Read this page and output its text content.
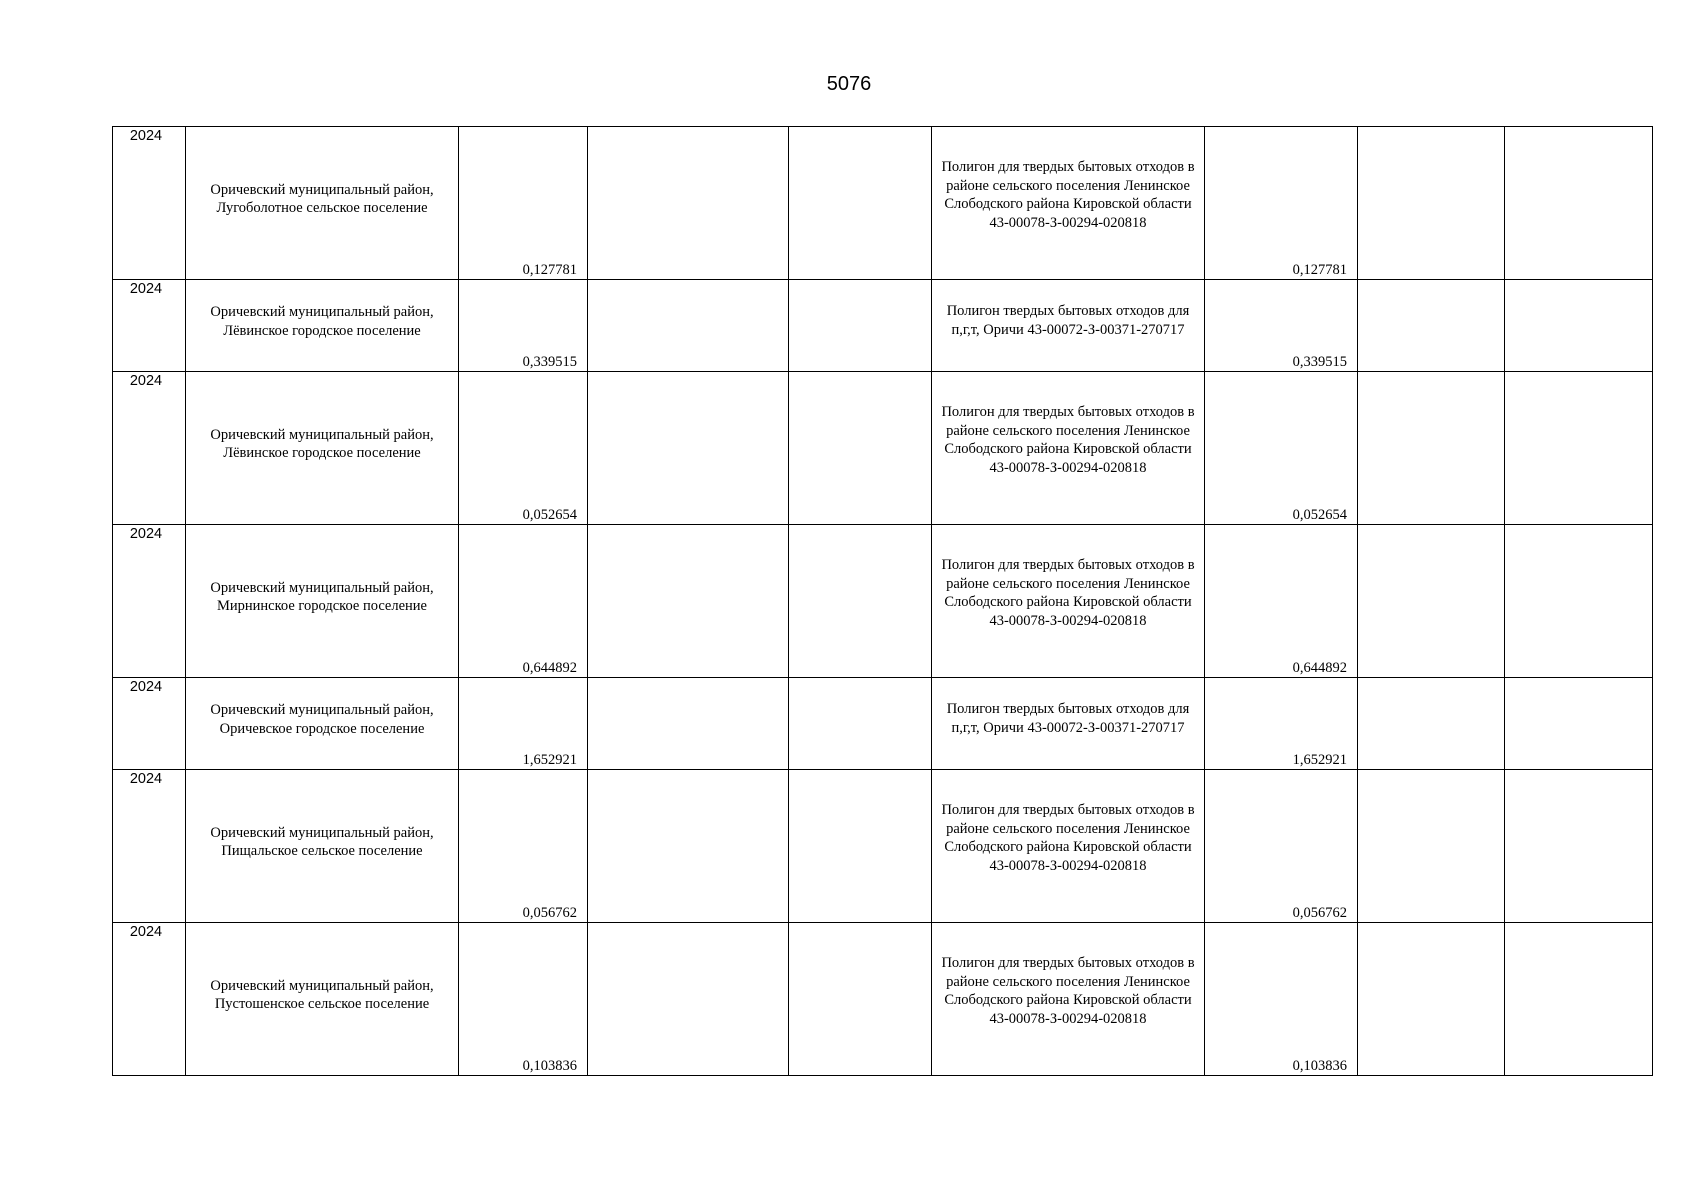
5076
2024	Оричевский муниципальный район, Лугоболотное сельское поселение	0,127781			Полигон для твердых бытовых отходов в районе сельского поселения Ленинское Слободского района Кировской области 43-00078-З-00294-020818	0,127781		

2024	Оричевский муниципальный район, Лёвинское городское поселение	0,339515			Полигон твердых бытовых отходов для п,г,т, Оричи 43-00072-З-00371-270717	0,339515		

2024	Оричевский муниципальный район, Лёвинское городское поселение	0,052654			Полигон для твердых бытовых отходов в районе сельского поселения Ленинское Слободского района Кировской области 43-00078-З-00294-020818	0,052654		

2024	Оричевский муниципальный район, Мирнинское городское поселение	0,644892			Полигон для твердых бытовых отходов в районе сельского поселения Ленинское Слободского района Кировской области 43-00078-З-00294-020818	0,644892		

2024	Оричевский муниципальный район, Оричевское городское поселение	1,652921			Полигон твердых бытовых отходов для п,г,т, Оричи 43-00072-З-00371-270717	1,652921		

2024	Оричевский муниципальный район, Пищальское сельское поселение	0,056762			Полигон для твердых бытовых отходов в районе сельского поселения Ленинское Слободского района Кировской области 43-00078-З-00294-020818	0,056762		

2024	Оричевский муниципальный район, Пустошенское сельское поселение	0,103836			Полигон для твердых бытовых отходов в районе сельского поселения Ленинское Слободского района Кировской области 43-00078-З-00294-020818	0,103836		
